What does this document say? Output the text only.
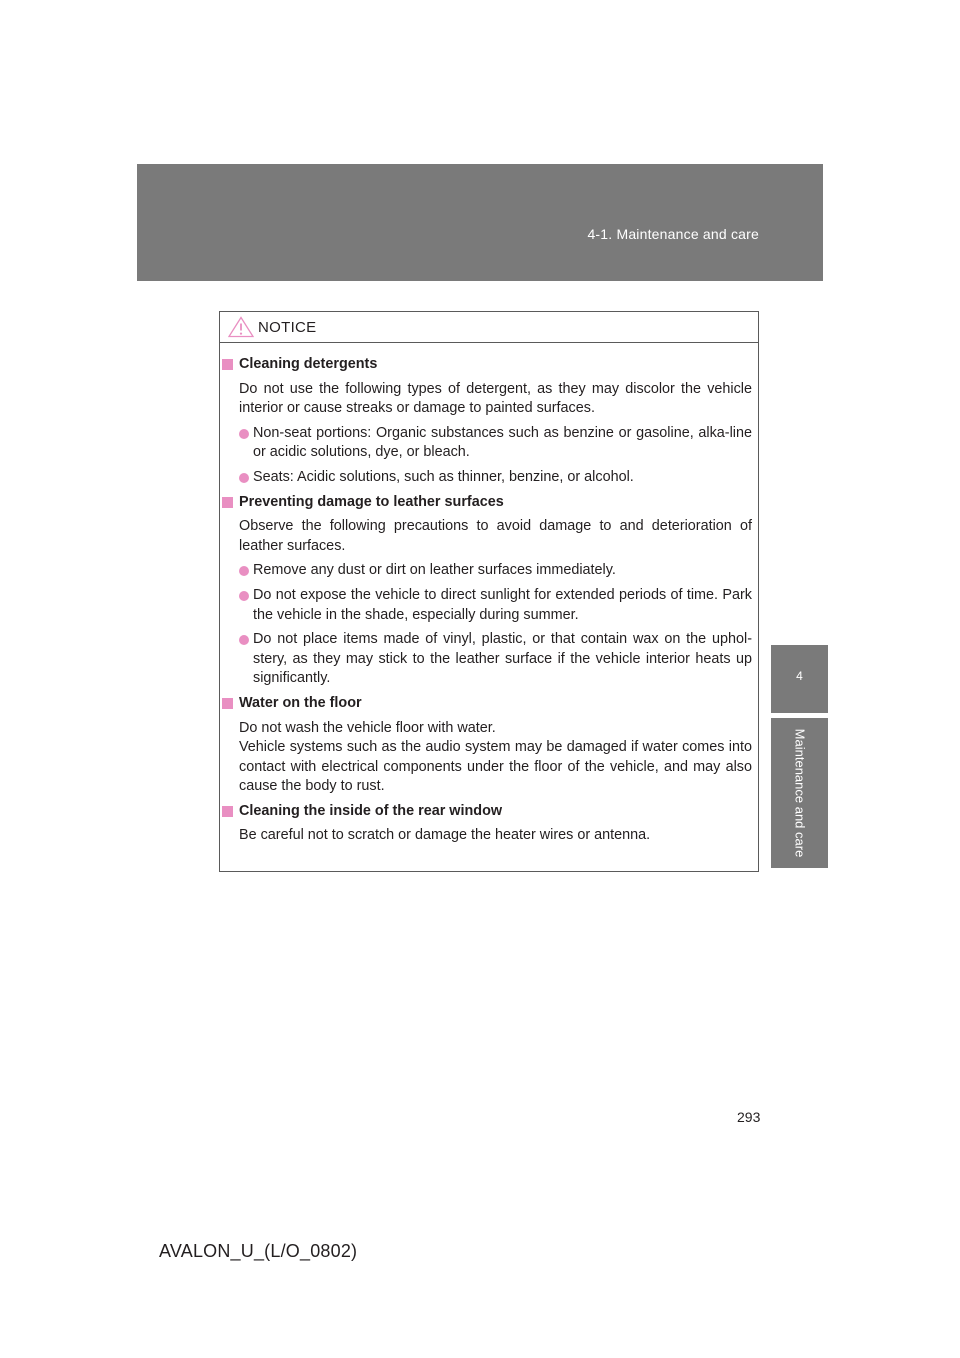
4-1. Maintenance and care
4
Maintenance and care
NOTICE
Cleaning detergents
Do not use the following types of detergent, as they may discolor the vehicle interior or cause streaks or damage to painted surfaces.
Non-seat portions: Organic substances such as benzine or gasoline, alka-line or acidic solutions, dye, or bleach.
Seats: Acidic solutions, such as thinner, benzine, or alcohol.
Preventing damage to leather surfaces
Observe the following precautions to avoid damage to and deterioration of leather surfaces.
Remove any dust or dirt on leather surfaces immediately.
Do not expose the vehicle to direct sunlight for extended periods of time. Park the vehicle in the shade, especially during summer.
Do not place items made of vinyl, plastic, or that contain wax on the uphol-stery, as they may stick to the leather surface if the vehicle interior heats up significantly.
Water on the floor
Do not wash the vehicle floor with water.
Vehicle systems such as the audio system may be damaged if water comes into contact with electrical components under the floor of the vehicle, and may also cause the body to rust.
Cleaning the inside of the rear window
Be careful not to scratch or damage the heater wires or antenna.
293
AVALON_U_(L/O_0802)
